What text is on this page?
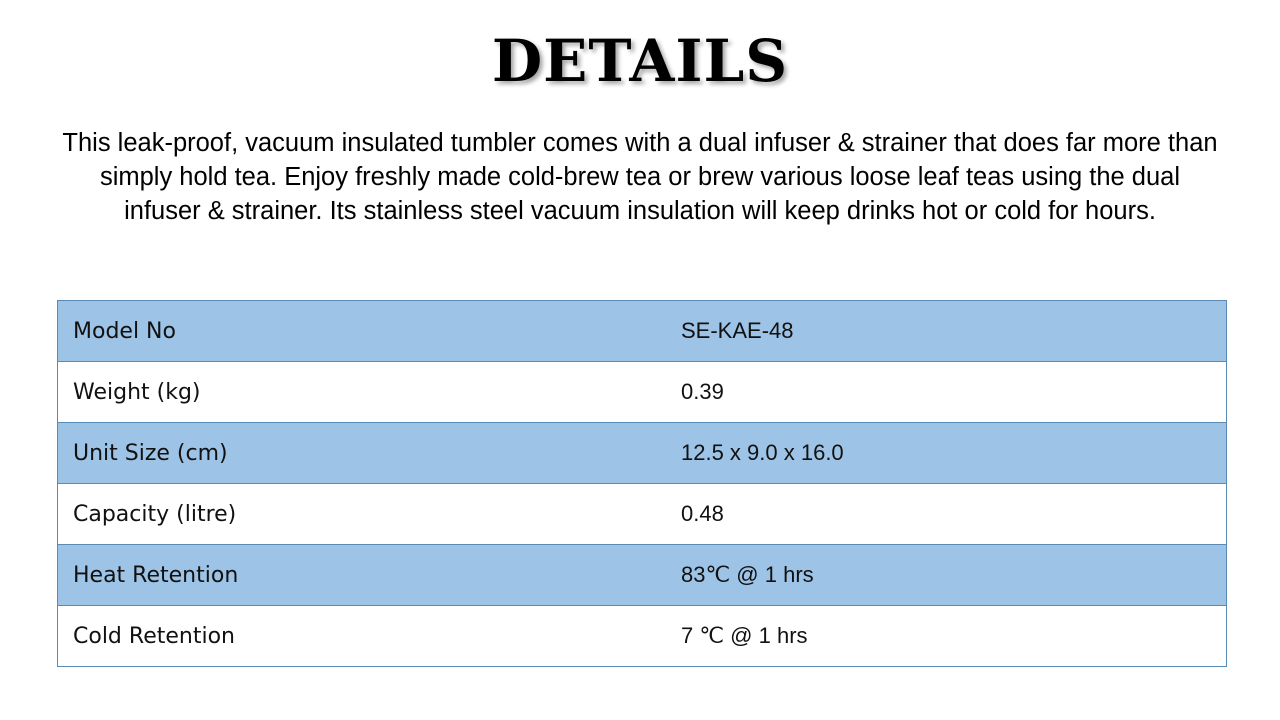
DETAILS

This leak-proof, vacuum insulated tumbler comes with a dual infuser & strainer that does far more than simply hold tea. Enjoy freshly made cold-brew tea or brew various loose leaf teas using the dual infuser & strainer. Its stainless steel vacuum insulation will keep drinks hot or cold for hours.

Model No	SE-KAE-48
Weight (kg)	0.39
Unit Size (cm)	12.5 x 9.0 x 16.0
Capacity (litre)	0.48
Heat Retention	83℃ @ 1 hrs
Cold Retention	7 ℃ @ 1 hrs
